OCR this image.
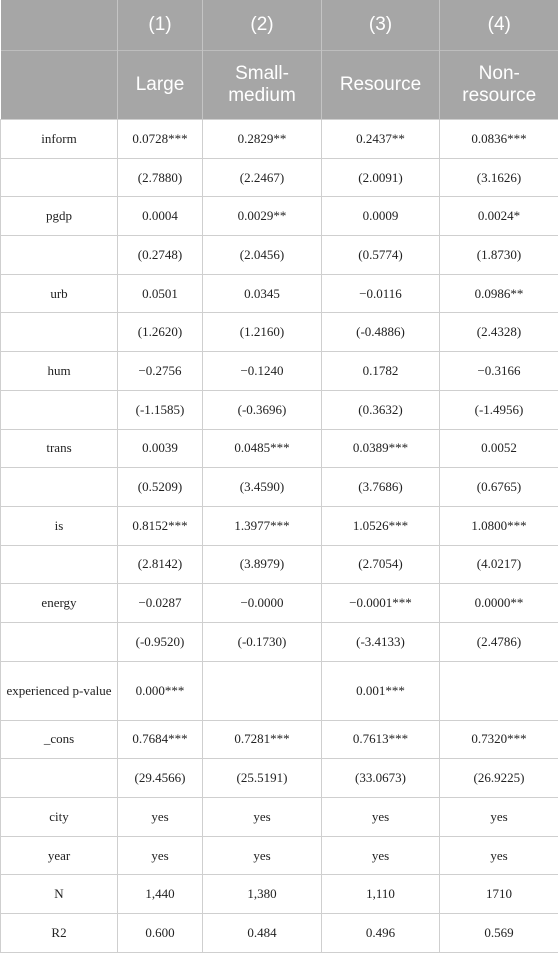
	(1)	(2)	(3)	(4)
	Large	Small-medium	Resource	Non-resource
inform	0.0728***	0.2829**	0.2437**	0.0836***
	(2.7880)	(2.2467)	(2.0091)	(3.1626)
pgdp	0.0004	0.0029**	0.0009	0.0024*
	(0.2748)	(2.0456)	(0.5774)	(1.8730)
urb	0.0501	0.0345	−0.0116	0.0986**
	(1.2620)	(1.2160)	(-0.4886)	(2.4328)
hum	−0.2756	−0.1240	0.1782	−0.3166
	(-1.1585)	(-0.3696)	(0.3632)	(-1.4956)
trans	0.0039	0.0485***	0.0389***	0.0052
	(0.5209)	(3.4590)	(3.7686)	(0.6765)
is	0.8152***	1.3977***	1.0526***	1.0800***
	(2.8142)	(3.8979)	(2.7054)	(4.0217)
energy	−0.0287	−0.0000	−0.0001***	0.0000**
	(-0.9520)	(-0.1730)	(-3.4133)	(2.4786)
experienced p-value	0.000***		0.001***	
_cons	0.7684***	0.7281***	0.7613***	0.7320***
	(29.4566)	(25.5191)	(33.0673)	(26.9225)
city	yes	yes	yes	yes
year	yes	yes	yes	yes
N	1,440	1,380	1,110	1710
R2	0.600	0.484	0.496	0.569
